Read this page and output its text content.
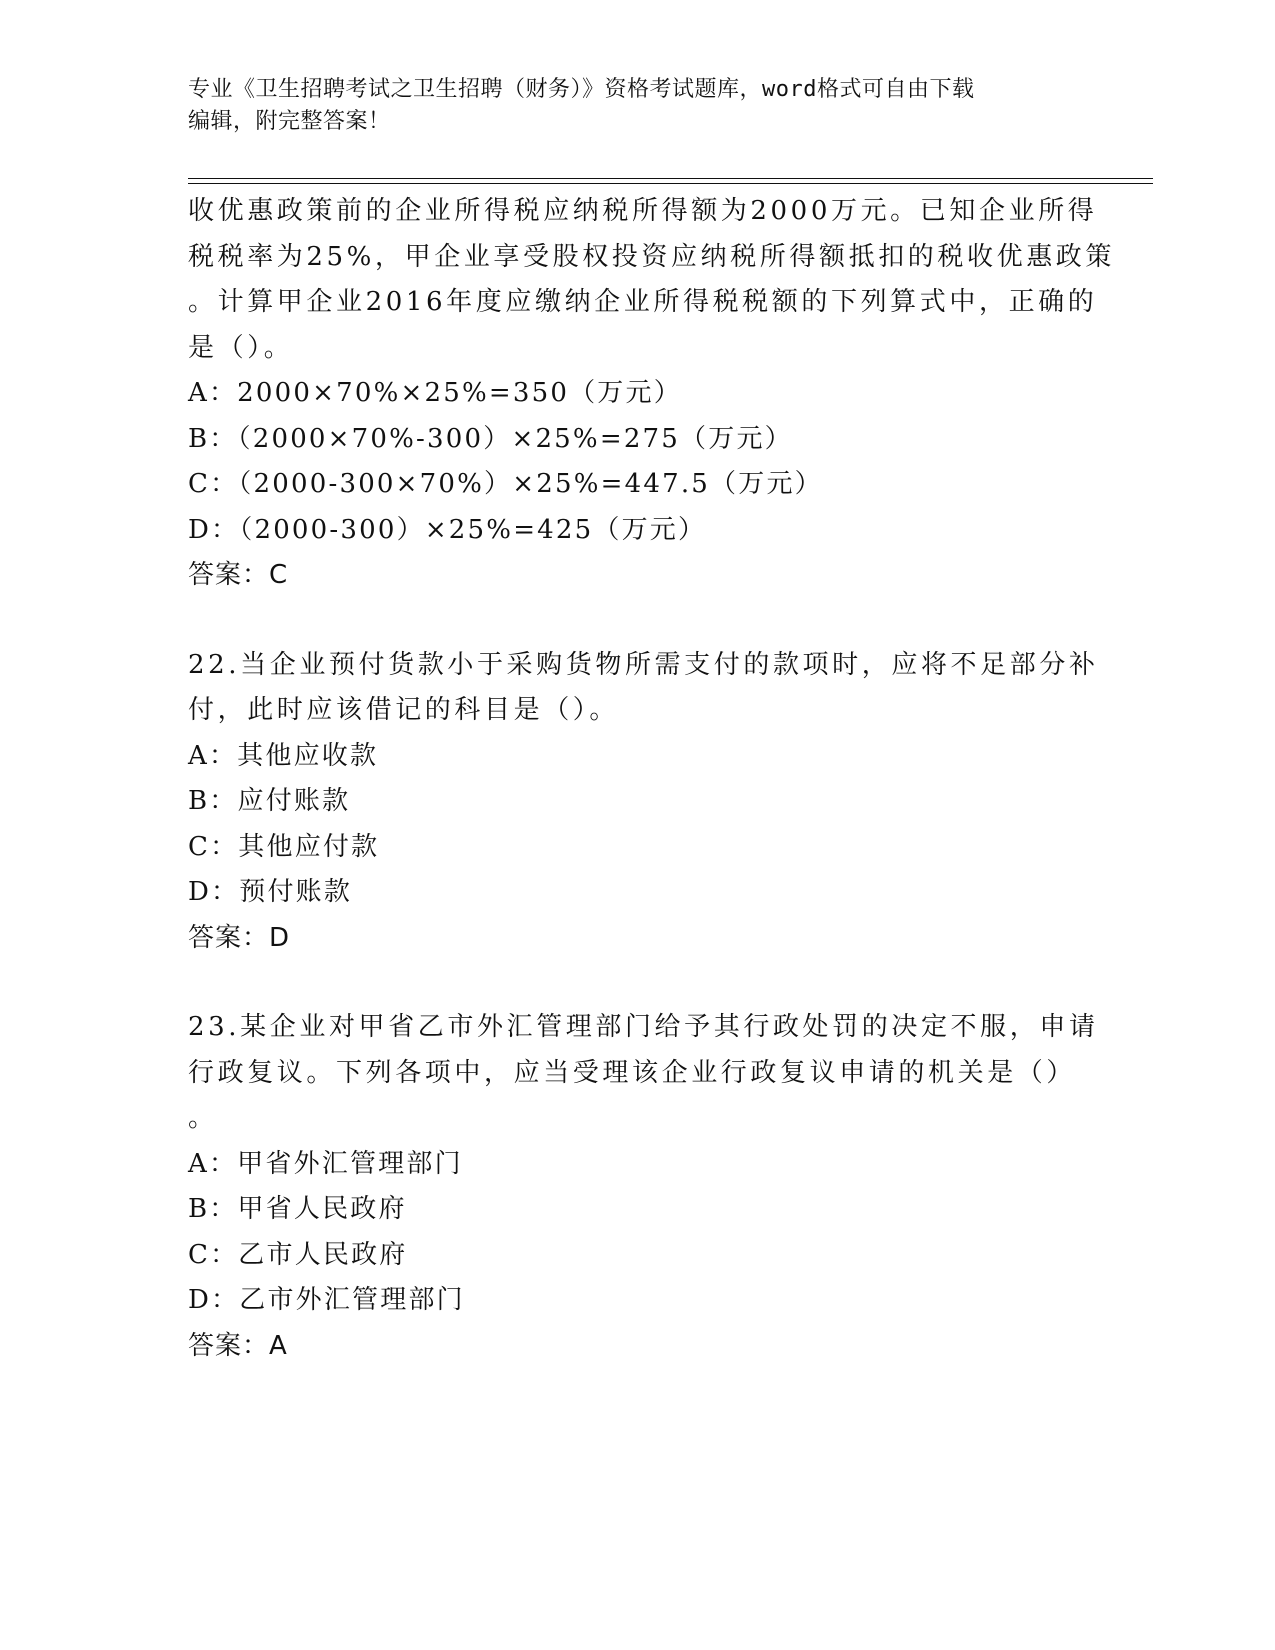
专业《卫生招聘考试之卫生招聘（财务）》资格考试题库，word格式可自由下载
编辑，附完整答案！
收优惠政策前的企业所得税应纳税所得额为2000万元。已知企业所得
税税率为25%，甲企业享受股权投资应纳税所得额抵扣的税收优惠政策
。计算甲企业2016年度应缴纳企业所得税税额的下列算式中，正确的
是（）。
A：2000×70%×25%=350（万元）
B：（2000×70%-300）×25%=275（万元）
C：（2000-300×70%）×25%=447.5（万元）
D：（2000-300）×25%=425（万元）
答案：C
22.当企业预付货款小于采购货物所需支付的款项时，应将不足部分补
付，此时应该借记的科目是（）。
A：其他应收款
B：应付账款
C：其他应付款
D：预付账款
答案：D
23.某企业对甲省乙市外汇管理部门给予其行政处罚的决定不服，申请
行政复议。下列各项中，应当受理该企业行政复议申请的机关是（）
。
A：甲省外汇管理部门
B：甲省人民政府
C：乙市人民政府
D：乙市外汇管理部门
答案：A
